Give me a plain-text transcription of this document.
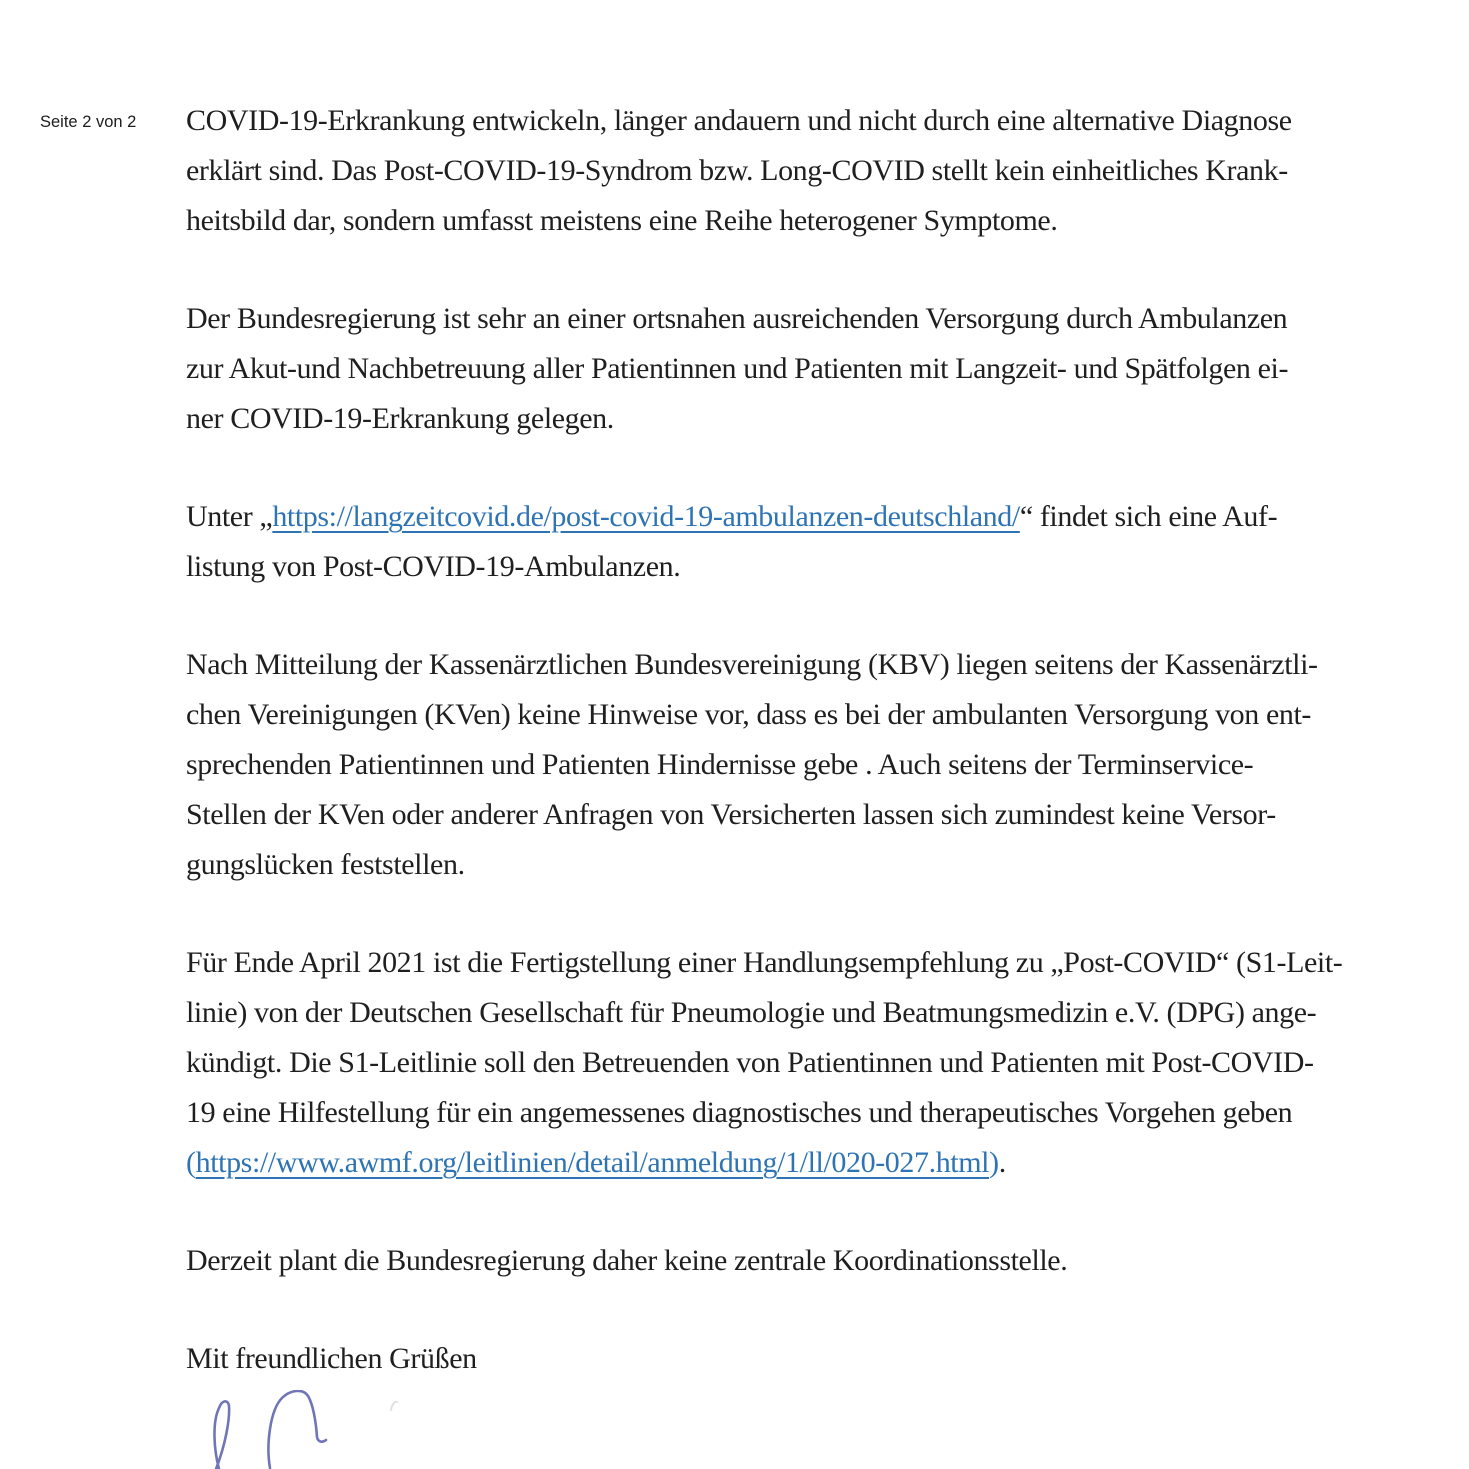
Seite 2 von 2 COVID-19-Erkrankung entwickeln, länger andauern und nicht durch eine alternative Diagnose
erklärt sind. Das Post-COVID-19-Syndrom bzw. Long-COVID stellt kein einheitliches Krank-
heitsbild dar, sondern umfasst meistens eine Reihe heterogener Symptome.
Der Bundesregierung ist sehr an einer ortsnahen ausreichenden Versorgung durch Ambulanzen
zur Akut-und Nachbetreuung aller Patientinnen und Patienten mit Langzeit- und Spätfolgen ei-
ner COVID-19-Erkrankung gelegen.
Unter „https://langzeitcovid.de/post-covid-19-ambulanzen-deutschland/“ findet sich eine Auf-
listung von Post-COVID-19-Ambulanzen.
Nach Mitteilung der Kassenärztlichen Bundesvereinigung (KBV) liegen seitens der Kassenärztli-
chen Vereinigungen (KVen) keine Hinweise vor, dass es bei der ambulanten Versorgung von ent-
sprechenden Patientinnen und Patienten Hindernisse gebe . Auch seitens der Terminservice-
Stellen der KVen oder anderer Anfragen von Versicherten lassen sich zumindest keine Versor-
gungslücken feststellen.
Für Ende April 2021 ist die Fertigstellung einer Handlungsempfehlung zu „Post-COVID“ (S1-Leit-
linie) von der Deutschen Gesellschaft für Pneumologie und Beatmungsmedizin e.V. (DPG) ange-
kündigt. Die S1-Leitlinie soll den Betreuenden von Patientinnen und Patienten mit Post-COVID-
19 eine Hilfestellung für ein angemessenes diagnostisches und therapeutisches Vorgehen geben
(https://www.awmf.org/leitlinien/detail/anmeldung/1/ll/020-027.html).
Derzeit plant die Bundesregierung daher keine zentrale Koordinationsstelle.
Mit freundlichen Grüßen
